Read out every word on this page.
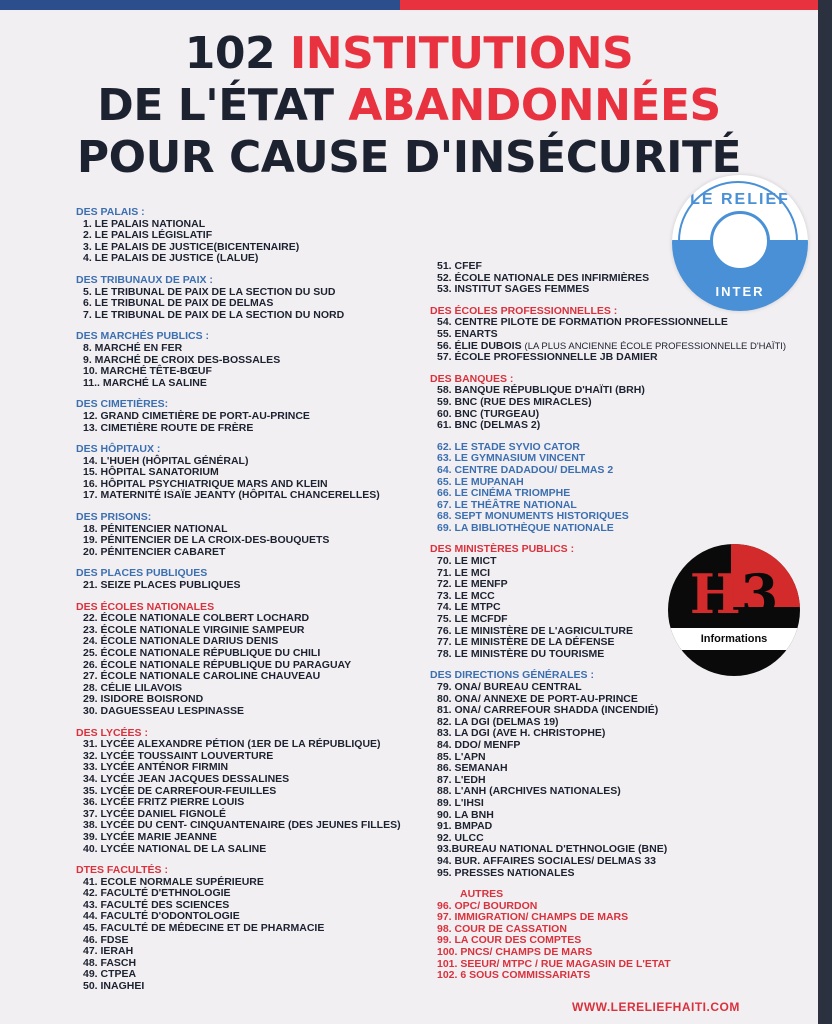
102 INSTITUTIONS
DE L'ÉTAT ABANDONNÉES
POUR CAUSE D'INSÉCURITÉ
LE RELIEF
INTER
H3
Informations
DES PALAIS :
1. LE PALAIS NATIONAL
2. LE PALAIS LÉGISLATIF
3. LE PALAIS DE JUSTICE(BICENTENAIRE)
4. LE PALAIS DE JUSTICE (LALUE)
DES TRIBUNAUX DE PAIX :
5. LE TRIBUNAL DE PAIX DE LA SECTION DU SUD
6. LE TRIBUNAL DE PAIX DE DELMAS
7. LE TRIBUNAL DE PAIX DE LA SECTION DU NORD
DES MARCHÉS PUBLICS :
8. MARCHÉ EN FER
9. MARCHÉ DE CROIX DES-BOSSALES
10. MARCHÉ TÊTE-BŒUF
11.. MARCHÉ LA SALINE
DES CIMETIÈRES:
12. GRAND CIMETIÈRE DE PORT-AU-PRINCE
13. CIMETIÈRE ROUTE DE FRÈRE
DES HÔPITAUX :
14. L'HUEH (HÔPITAL GÉNÉRAL)
15. HÔPITAL SANATORIUM
16. HÔPITAL PSYCHIATRIQUE MARS AND KLEIN
17. MATERNITÉ ISAÏE JEANTY (HÔPITAL CHANCERELLES)
DES PRISONS:
18. PÉNITENCIER NATIONAL
19. PÉNITENCIER DE LA CROIX-DES-BOUQUETS
20. PÉNITENCIER CABARET
DES PLACES PUBLIQUES
21. SEIZE PLACES PUBLIQUES
DES ÉCOLES NATIONALES
22. ÉCOLE NATIONALE COLBERT LOCHARD
23. ÉCOLE NATIONALE VIRGINIE SAMPEUR
24. ÉCOLE NATIONALE DARIUS DENIS
25. ÉCOLE NATIONALE RÉPUBLIQUE DU CHILI
26. ÉCOLE NATIONALE RÉPUBLIQUE DU PARAGUAY
27. ÉCOLE NATIONALE CAROLINE CHAUVEAU
28. CÉLIE LILAVOIS
29. ISIDORE BOISROND
30. DAGUESSEAU LESPINASSE
DES LYCÉES :
31. LYCÉE ALEXANDRE PÉTION (1ER DE LA RÉPUBLIQUE)
32. LYCÉE TOUSSAINT LOUVERTURE
33. LYCÉE ANTÉNOR FIRMIN
34. LYCÉE JEAN JACQUES DESSALINES
35. LYCÉE DE CARREFOUR-FEUILLES
36. LYCÉE FRITZ PIERRE LOUIS
37. LYCÉE DANIEL FIGNOLÉ
38. LYCÉE DU CENT- CINQUANTENAIRE (DES JEUNES FILLES)
39. LYCÉE MARIE JEANNE
40. LYCÉE NATIONAL DE LA SALINE
DTES FACULTÉS :
41. ECOLE NORMALE SUPÉRIEURE
42. FACULTÉ D'ETHNOLOGIE
43. FACULTÉ DES SCIENCES
44. FACULTÉ D'ODONTOLOGIE
45. FACULTÉ DE MÉDECINE ET DE PHARMACIE
46. FDSE
47. IERAH
48. FASCH
49. CTPEA
50. INAGHEI
51. CFEF
52. ÉCOLE NATIONALE DES INFIRMIÈRES
53. INSTITUT SAGES FEMMES
DES ÉCOLES PROFESSIONNELLES :
54. CENTRE PILOTE DE FORMATION PROFESSIONNELLE
55. ENARTS
56. ÉLIE DUBOIS (LA PLUS ANCIENNE ÉCOLE PROFESSIONNELLE D'HAÏTI)
57. ÉCOLE PROFESSIONNELLE JB DAMIER
DES BANQUES :
58. BANQUE RÉPUBLIQUE D'HAÏTI (BRH)
59. BNC (RUE DES MIRACLES)
60. BNC (TURGEAU)
61. BNC (DELMAS 2)
62. LE STADE SYVIO CATOR
63. LE GYMNASIUM VINCENT
64. CENTRE DADADOU/ DELMAS 2
65. LE MUPANAH
66. LE CINÉMA TRIOMPHE
67. LE THÉÂTRE NATIONAL
68. SEPT MONUMENTS HISTORIQUES
69. LA BIBLIOTHÈQUE NATIONALE
DES MINISTÈRES PUBLICS :
70. LE MICT
71. LE MCI
72. LE MENFP
73. LE MCC
74. LE MTPC
75. LE MCFDF
76. LE MINISTÈRE DE L'AGRICULTURE
77. LE MINISTÈRE DE LA DÉFENSE
78. LE MINISTÈRE DU TOURISME
DES DIRECTIONS GÉNÉRALES :
79. ONA/ BUREAU CENTRAL
80. ONA/ ANNEXE DE PORT-AU-PRINCE
81. ONA/ CARREFOUR SHADDA (INCENDIÉ)
82. LA DGI (DELMAS 19)
83. LA DGI (AVE H. CHRISTOPHE)
84. DDO/ MENFP
85. L'APN
86. SEMANAH
87. L'EDH
88. L'ANH (ARCHIVES NATIONALES)
89. L'IHSI
90. LA BNH
91. BMPAD
92. ULCC
93.BUREAU NATIONAL D'ETHNOLOGIE (BNE)
94. BUR. AFFAIRES SOCIALES/ DELMAS 33
95. PRESSES NATIONALES
AUTRES
96. OPC/ BOURDON
97. IMMIGRATION/ CHAMPS DE MARS
98. COUR DE CASSATION
99. LA COUR DES COMPTES
100. PNCS/ CHAMPS DE MARS
101. SEEUR/ MTPC / RUE MAGASIN DE L'ETAT
102. 6 SOUS COMMISSARIATS
WWW.LERELIEFHAITI.COM
